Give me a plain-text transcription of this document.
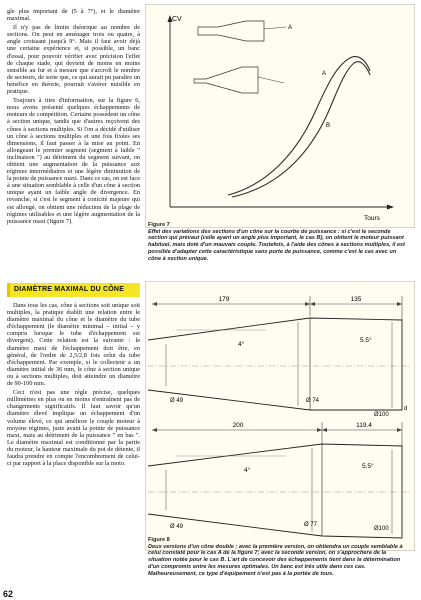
gle plus important de (5 à 7°), et le diamètre maximal.

Il n'y pas de limite théorique au nombre de sections. On peut en aménager trois ou quatre, à angle croissant jusqu'à 9°. Mais il faut avoir déjà une certaine expérience et, si possible, un banc d'essai, pour pouvoir vérifier avec précision l'effet de chaque stade, qui devient de moins en moins sensible au fur et à mesure que s'accroît le nombre de secteurs, de sorte que, ce qui aurait pu paraître un bénéfice en théorie, pourrait s'avérer nuisible en pratique.

Toujours à titre d'information, sur la figure 6, nous avons présenté quelques échappements de moteurs de compétition. Certains possèdent un cône à section unique, tandis que d'autres reçoivent des cônes à sections multiples. Si l'on a décidé d'utiliser un cône à sections multiples et une fois fixées ses dimensions, il faut passer à la mise au point. En allongeant le premier segment (segment à faible " inclinaison ") au détriment du segment suivant, on obtient une augmentation de la puissance aux régimes intermédiaires et une légère diminution de la pointe de puissance maxi. Dans ce cas, on est face à une situation semblable à celle d'un cône à section unique ayant un faible angle de divergence. En revanche, si c'est le segment à conicité majeure qui est allongé, on obtient une réduction de la plage de régimes utilisables et une légère augmentation de la puissance maxi (figure 7).

DIAMÈTRE MAXIMAL DU CÔNE

Dans tous les cas, cône à sections soit unique soit multiples, la pratique établit une relation entre le diamètre maximal du cône et le diamètre du tube d'échappement (le diamètre minimal – initial – y compris lorsque le tube d'échappement est divergent). Cette relation est la suivante : le diamètre maxi de l'échappement doit être, en général, de l'ordre de 2,5/2,8 fois celui du tube d'échappement. Par exemple, si le collecteur a un diamètre initial de 36 mm, le cône à section unique ou à sections multiples, doit atteindre un diamètre de 90-100 mm.

Ceci n'est pas une règle précise, quelques millimètres en plus ou en moins n'entraînent pas de changements significatifs. Il faut savoir qu'un diamètre élevé implique un échappement d'un volume élevé, ce qui améliore le couple moteur à moyens régimes, juste avant la pointe de puissance maxi, mais au détriment de la puissance " en bas ". Le diamètre maximal est conditionné par la partie du moteur, la hauteur maximale du pot de détente, il faudra prendre en compte l'encombrement de celui-ci par rapport à la place disponible sur la moto.

CV
Tours
A
A
B
Figure 7
Effet des variations des sections d'un cône sur la courbe de puissance : si c'est le seconde section qui prévaut (celle ayant un angle plus important, le cas B), on obtient le moteur puissant habituel, mais doté d'un mauvais couple. Toutefois, à l'aide des cônes à sections multiples, il est possible d'adapter cette caractéristique sans porte de puissance, comme c'est le cas avec un cône à section unique.
179	135
4°
5.5°
Ø 49	Ø 74
Ø100
d
200	119.4
4°
5.5°
Ø 49	Ø 77
Ø100
Figure 8
Deux versions d'un cône double ; avec la première version, on obtiendra un couple semblable à celui constaté pour le cas A de la figure 7; avec la seconde version, on s'approchera de la situation notée pour le cas B. L'art de concevoir des échappements tient dans la détermination d'un compromis entre les mesures optimales. Un banc est très utile dans ces cas. Malheureusement, ce type d'équipement n'est pas à la portée de tous.
62
